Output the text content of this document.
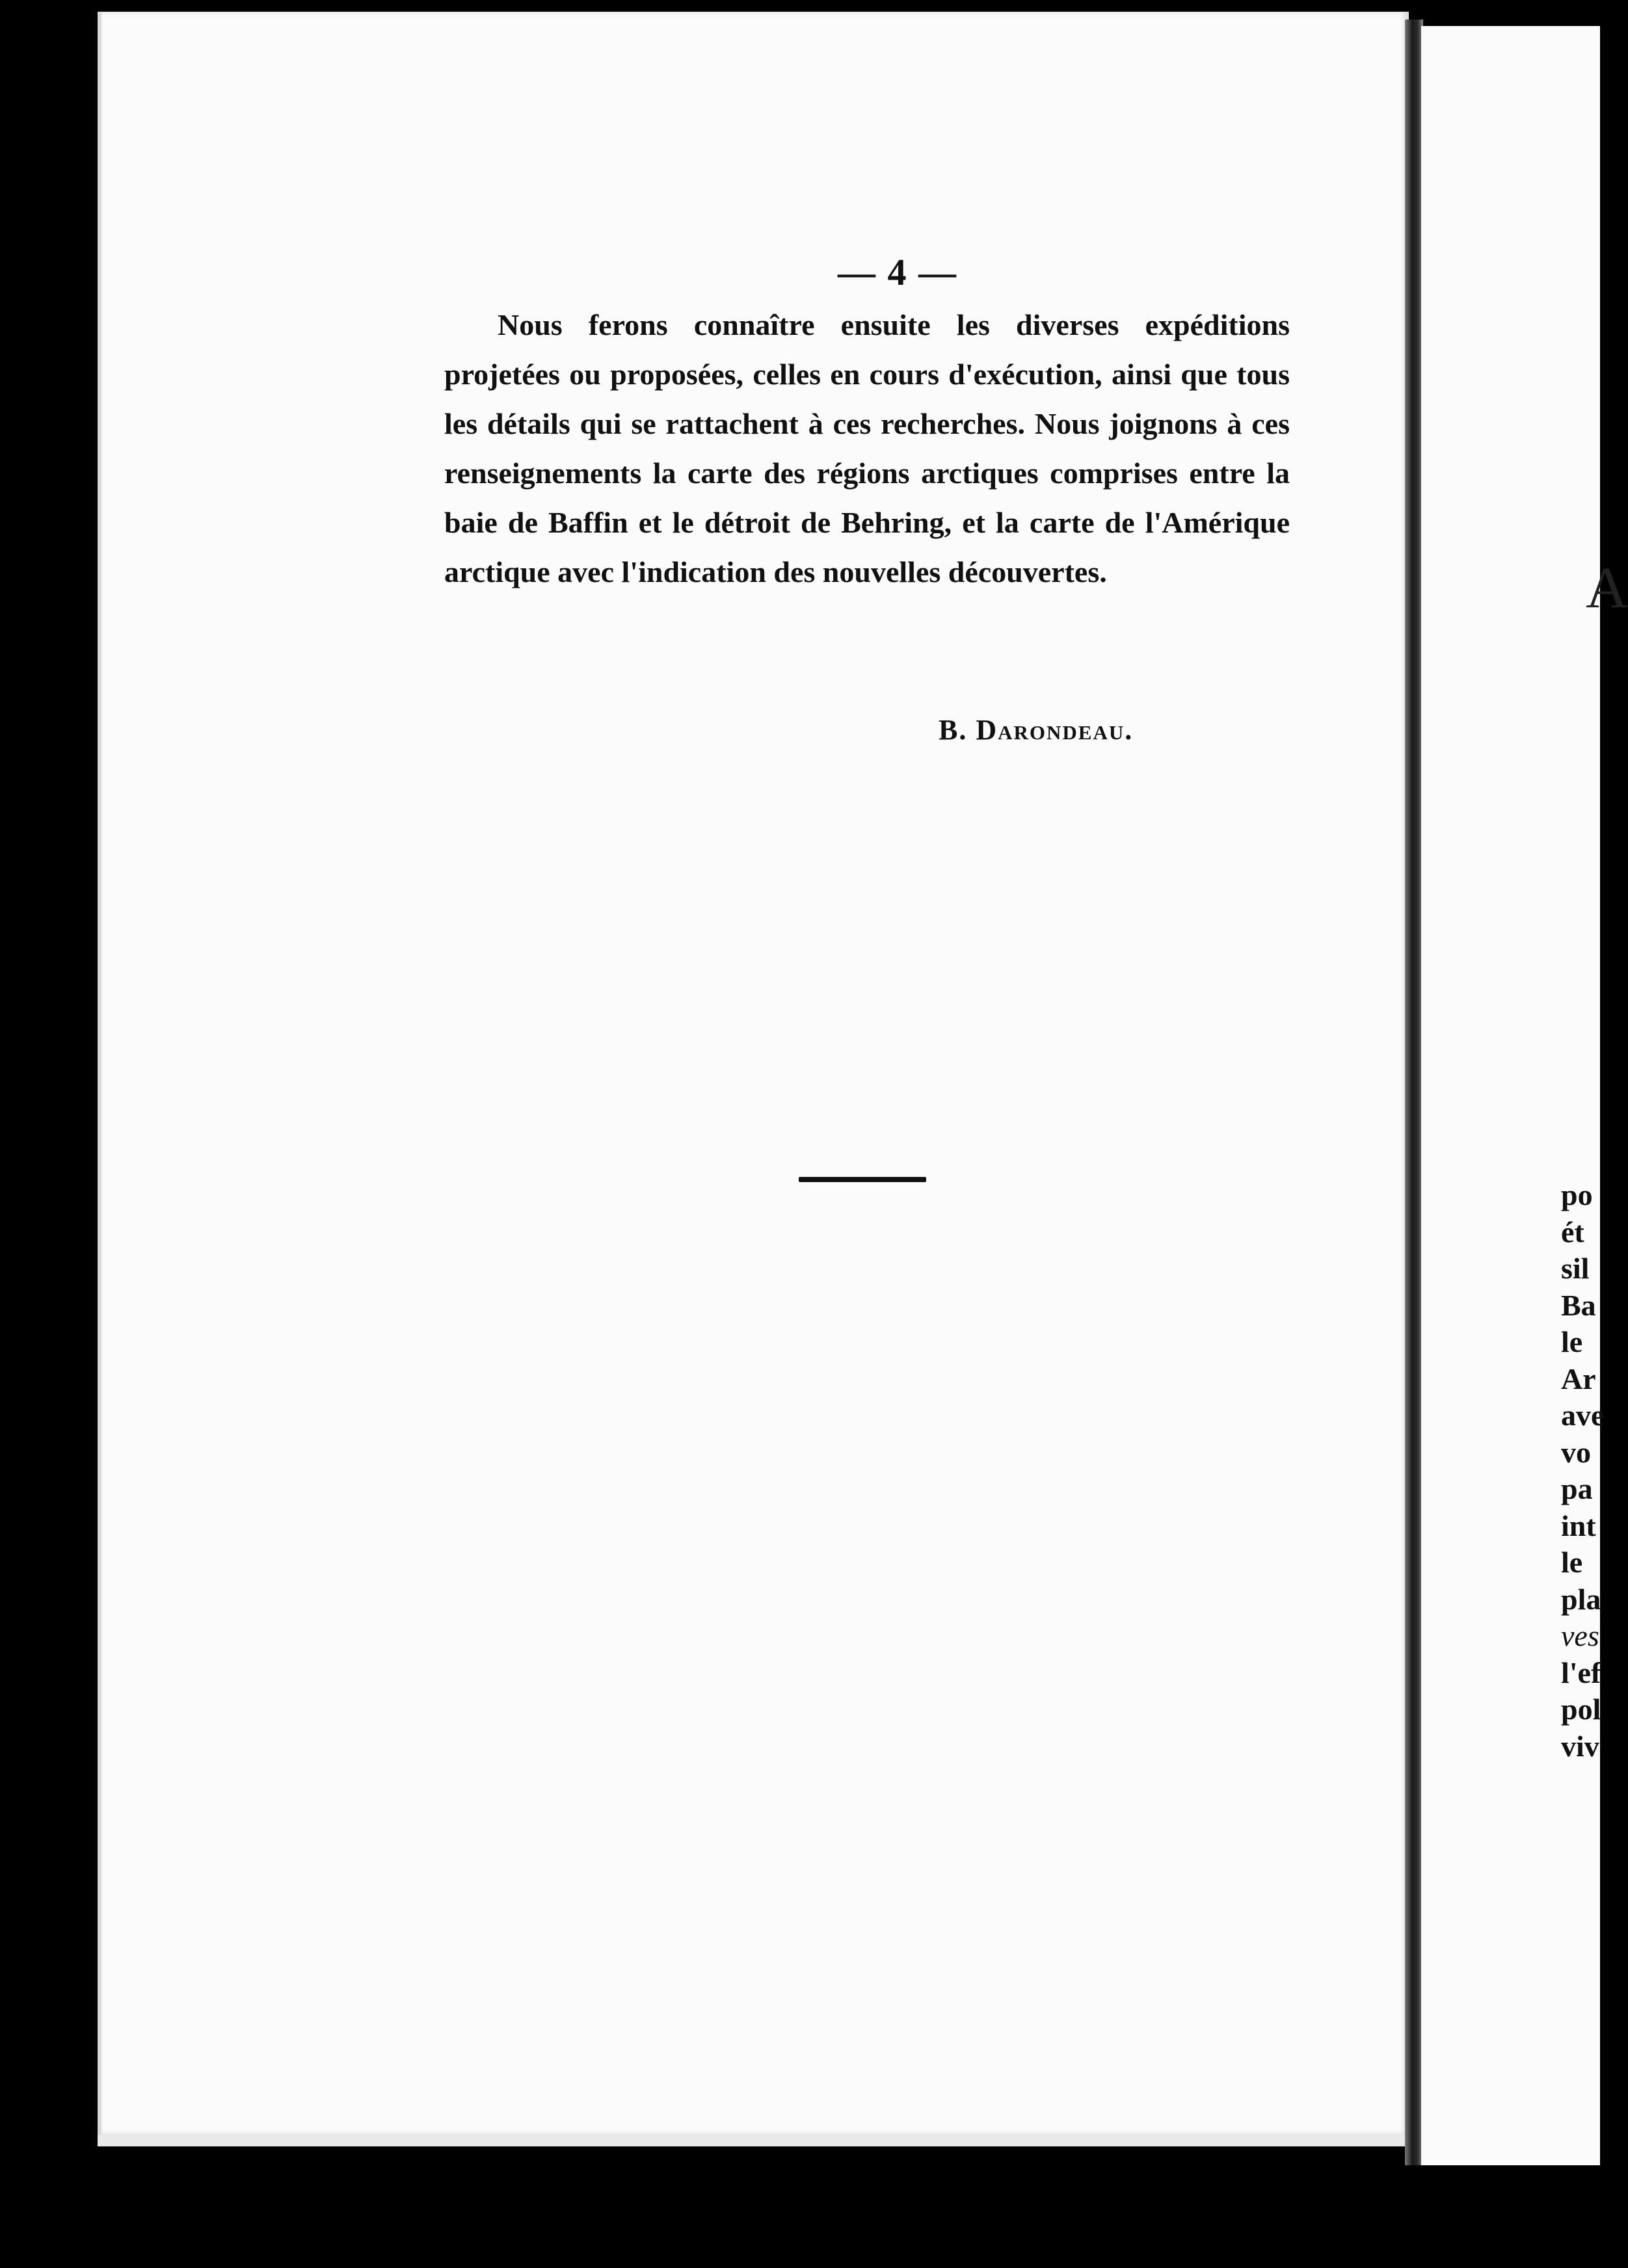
— 4 —

Nous ferons connaître ensuite les diverses expéditions projetées ou proposées, celles en cours d'exécution, ainsi que tous les détails qui se rattachent à ces recherches. Nous joignons à ces renseignements la carte des régions arctiques comprises entre la baie de Baffin et le détroit de Behring, et la carte de l'Amérique arctique avec l'indication des nouvelles découvertes.

B. Darondeau.
A
po
ét
sil
Ba
le
Ar
ave
vo
pa
int
le
pla
ves
l'ef
pol
viv
